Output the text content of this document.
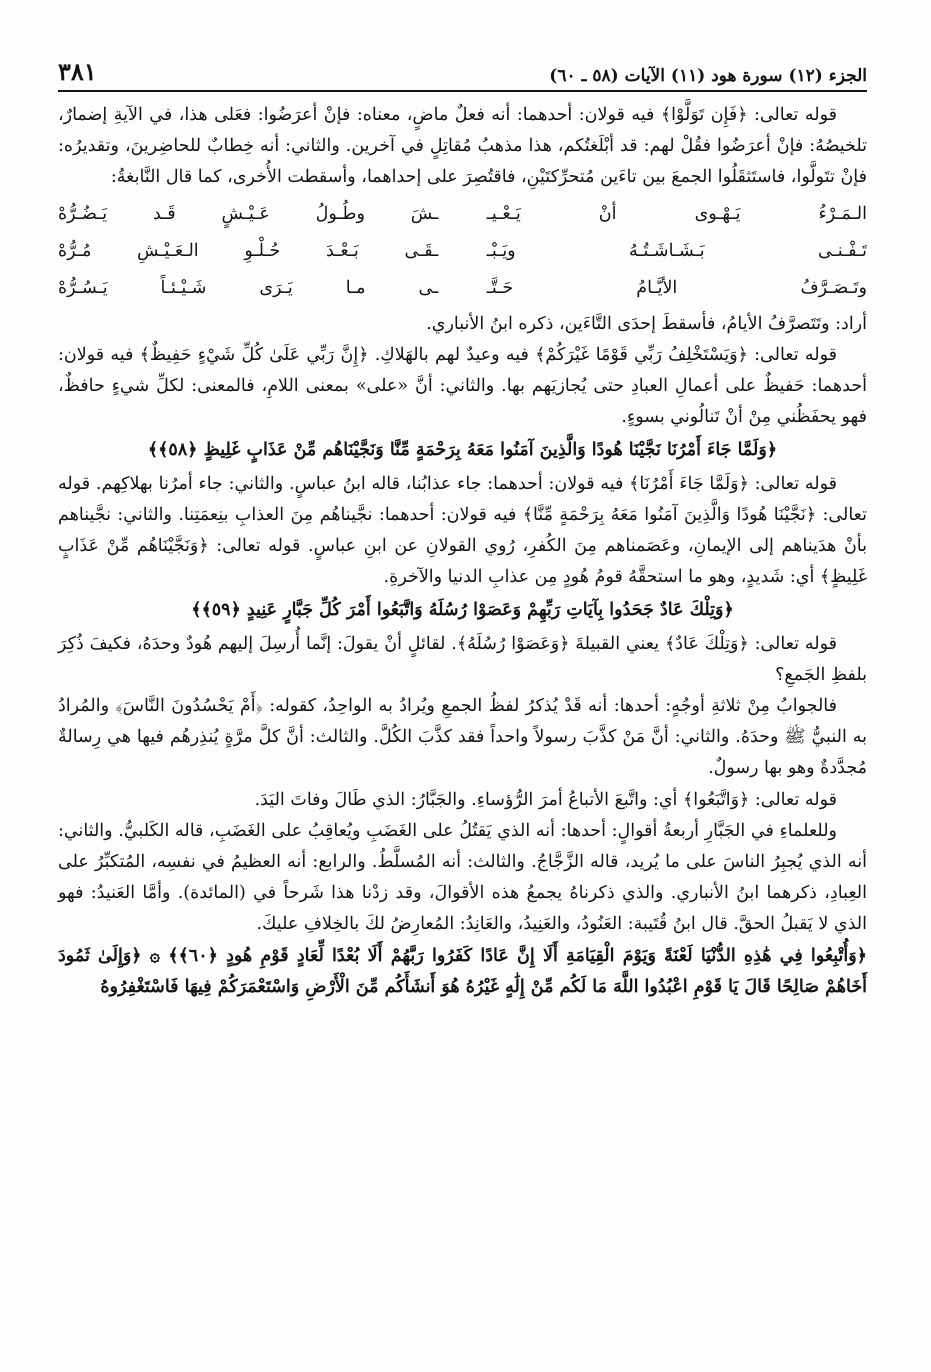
الجزء (١٢) سورة هود (١١) الآيات (٥٨ ـ ٦٠)
٣٨١

قوله تعالى: ﴿فَإِن تَوَلَّوْا﴾ فيه قولان: أحدهما: أنه فعلٌ ماضٍ، معناه: فإنْ أعرَضُوا: فعَلى هذا، في الآيةِ إضمارٌ، تلخيصُهُ: فإنْ أعرَضُوا فقُلْ لهم: قد أبْلَغتُكم، هذا مذهبُ مُقاتِلٍ في آخرين. والثاني: أنه خِطابٌ للحاضِرينَ، وتقديرُه: فإنْ تتَولَّوا، فاستَثقَلُوا الجمعَ بين تاءَين مُتحرِّكتَيْنِ، فاقتُصِرَ على إحداهما، وأسقطت الأُخرى، كما قال النَّابغةُ:

الـمَـرْءُ يَـهْـوى أنْ يَـعْـيـ
ـشَ وطُـولُ عَـيْـشٍ قَـد يَـضُـرُّهْ
تَـفْـنـى بَـشَـاشَـتُـهُ ويَـبْـ
ـقَـى بَـعْـدَ حُـلْـوِ الـعَـيْـشِ مُـرُّهْ
وتَـصَـرَّفُ الأيَّـامُ حَـتَّـ
ـى مـا يَـرَى شَـيْـئـاً يَـسُـرُّهْ

أراد: وتَتَصرَّفُ الأيامُ، فأسقطَ إحدَى التَّاءَين، ذكره ابنُ الأنباري.

قوله تعالى: ﴿وَيَسْتَخْلِفُ رَبِّي قَوْمًا غَيْرَكُمْ﴾ فيه وعيدٌ لهم بالهَلاكِ. ﴿إِنَّ رَبِّي عَلَىٰ كُلِّ شَيْءٍ حَفِيظٌ﴾ فيه قولان: أحدهما: حَفيظٌ على أعمالِ العبادِ حتى يُجازيَهم بها. والثاني: أنَّ «على» بمعنى اللامِ، فالمعنى: لكلِّ شيءٍ حافظٌ، فهو يحفَظُني مِنْ أنْ تَنالُوني بسوءٍ.

﴿وَلَمَّا جَاءَ أَمْرُنَا نَجَّيْنَا هُودًا وَالَّذِينَ آمَنُوا مَعَهُ بِرَحْمَةٍ مِّنَّا وَنَجَّيْنَاهُم مِّنْ عَذَابٍ غَلِيظٍ ﴿٥٨﴾﴾

قوله تعالى: ﴿وَلَمَّا جَاءَ أَمْرُنَا﴾ فيه قولان: أحدهما: جاء عذابُنا، قاله ابنُ عباسٍ. والثاني: جاء أمرُنا بهلاكِهم. قوله تعالى: ﴿نَجَّيْنَا هُودًا وَالَّذِينَ آمَنُوا مَعَهُ بِرَحْمَةٍ مِّنَّا﴾ فيه قولان: أحدهما: نجَّيناهُم مِنَ العذابِ بنِعمَتِنا. والثاني: نجَّيناهم بأنْ هدَيناهم إلى الإيمانِ، وعَصَمناهم مِنَ الكُفرِ، رُوي القولانِ عن ابنِ عباسٍ. قوله تعالى: ﴿وَنَجَّيْنَاهُم مِّنْ عَذَابٍ غَلِيظٍ﴾ أي: شَديدٍ، وهو ما استحقَّهُ قومُ هُودٍ مِن عذابِ الدنيا والآخرةِ.

﴿وَتِلْكَ عَادٌ جَحَدُوا بِآيَاتِ رَبِّهِمْ وَعَصَوْا رُسُلَهُ وَاتَّبَعُوا أَمْرَ كُلِّ جَبَّارٍ عَنِيدٍ ﴿٥٩﴾﴾

قوله تعالى: ﴿وَتِلْكَ عَادٌ﴾ يعني القبيلةَ ﴿وَعَصَوْا رُسُلَهُ﴾. لقائلٍ أنْ يقولَ: إنَّما أُرسِلَ إليهم هُودٌ وحدَهُ، فكيفَ ذُكِرَ بلفظِ الجَمعِ؟

فالجوابُ مِنْ ثلاثةِ أوجُهٍ: أحدها: أنه قَدْ يُذكرُ لفظُ الجمعِ ويُرادُ به الواحِدُ، كقوله: ﴿أَمْ يَحْسُدُونَ النَّاسَ﴾ والمُرادُ به النبيُّ ﷺ وحدَهُ. والثاني: أنَّ مَنْ كذَّبَ رسولاً واحداً فقد كذَّبَ الكُلَّ. والثالث: أنَّ كلَّ مرَّةٍ يُنذِرهُم فيها هي رِسالةٌ مُجدَّدةٌ وهو بها رسولٌ.

قوله تعالى: ﴿وَاتَّبَعُوا﴾ أي: واتَّبعَ الأتباعُ أمرَ الرُّؤساءِ. والجَبَّارُ: الذي طَالَ وفاتَ اليَدَ.

وللعلماءِ في الجَبَّارِ أربعةُ أقوالٍ: أحدها: أنه الذي يَقتُلُ على الغَضَبِ ويُعاقِبُ على الغَضَبِ، قاله الكَلبيُّ. والثاني: أنه الذي يُجبِرُ الناسَ على ما يُريد، قاله الزَّجَّاجُ. والثالث: أنه المُسلَّطُ. والرابع: أنه العظيمُ في نفسِه، المُتكبِّرُ على العِبادِ، ذكرهما ابنُ الأنباري. والذي ذكرناهُ يجمعُ هذه الأقوالَ، وقد زدْنا هذا شَرحاً في (المائدة). وأمَّا العَنيدُ: فهو الذي لا يَقبلُ الحقَّ. قال ابنُ قُتَيبة: العَنُودُ، والعَنِيدُ، والعَانِدُ: المُعارِضُ لكَ بالخِلافِ عليكَ.

﴿وَأُتْبِعُوا فِي هَٰذِهِ الدُّنْيَا لَعْنَةً وَيَوْمَ الْقِيَامَةِ أَلَا إِنَّ عَادًا كَفَرُوا رَبَّهُمْ أَلَا بُعْدًا لِّعَادٍ قَوْمِ هُودٍ ﴿٦٠﴾﴾ ۞ ﴿وَإِلَىٰ ثَمُودَ أَخَاهُمْ صَالِحًا قَالَ يَا قَوْمِ اعْبُدُوا اللَّهَ مَا لَكُم مِّنْ إِلَٰهٍ غَيْرُهُ هُوَ أَنشَأَكُم مِّنَ الْأَرْضِ وَاسْتَعْمَرَكُمْ فِيهَا فَاسْتَغْفِرُوهُ
